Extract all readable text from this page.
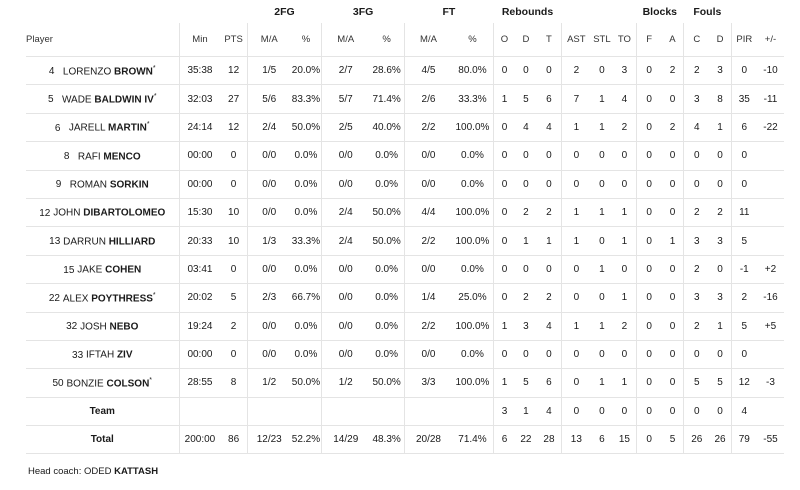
			2FG		3FG		FT		Rebounds						Blocks		Fouls			
Player	Min	PTS	M/A	%	M/A	%	M/A	%	O	D	T	AST	STL	TO	F	A	C	D	PIR	+/-
4 LORENZO BROWN*	35:38	12	1/5	20.0%	2/7	28.6%	4/5	80.0%	0	0	0	2	0	3	0	2	2	3	0	-10
5 WADE BALDWIN IV*	32:03	27	5/6	83.3%	5/7	71.4%	2/6	33.3%	1	5	6	7	1	4	0	0	3	8	35	-11
6 JARELL MARTIN*	24:14	12	2/4	50.0%	2/5	40.0%	2/2	100.0%	0	4	4	1	1	2	0	2	4	1	6	-22
8 RAFI MENCO	00:00	0	0/0	0.0%	0/0	0.0%	0/0	0.0%	0	0	0	0	0	0	0	0	0	0	0	
9 ROMAN SORKIN	00:00	0	0/0	0.0%	0/0	0.0%	0/0	0.0%	0	0	0	0	0	0	0	0	0	0	0	
12 JOHN DIBARTOLOMEO	15:30	10	0/0	0.0%	2/4	50.0%	4/4	100.0%	0	2	2	1	1	1	0	0	2	2	11	
13 DARRUN HILLIARD	20:33	10	1/3	33.3%	2/4	50.0%	2/2	100.0%	0	1	1	1	0	1	0	1	3	3	5	
15 JAKE COHEN	03:41	0	0/0	0.0%	0/0	0.0%	0/0	0.0%	0	0	0	0	1	0	0	0	2	0	-1	+2
22 ALEX POYTHRESS*	20:02	5	2/3	66.7%	0/0	0.0%	1/4	25.0%	0	2	2	0	0	1	0	0	3	3	2	-16
32 JOSH NEBO	19:24	2	0/0	0.0%	0/0	0.0%	2/2	100.0%	1	3	4	1	1	2	0	0	2	1	5	+5
33 IFTAH ZIV	00:00	0	0/0	0.0%	0/0	0.0%	0/0	0.0%	0	0	0	0	0	0	0	0	0	0	0	
50 BONZIE COLSON*	28:55	8	1/2	50.0%	1/2	50.0%	3/3	100.0%	1	5	6	0	1	1	0	0	5	5	12	-3
Team									3	1	4	0	0	0	0	0	0	0	4	
Total	200:00	86	12/23	52.2%	14/29	48.3%	20/28	71.4%	6	22	28	13	6	15	0	5	26	26	79	-55
Head coach: ODED KATTASH
